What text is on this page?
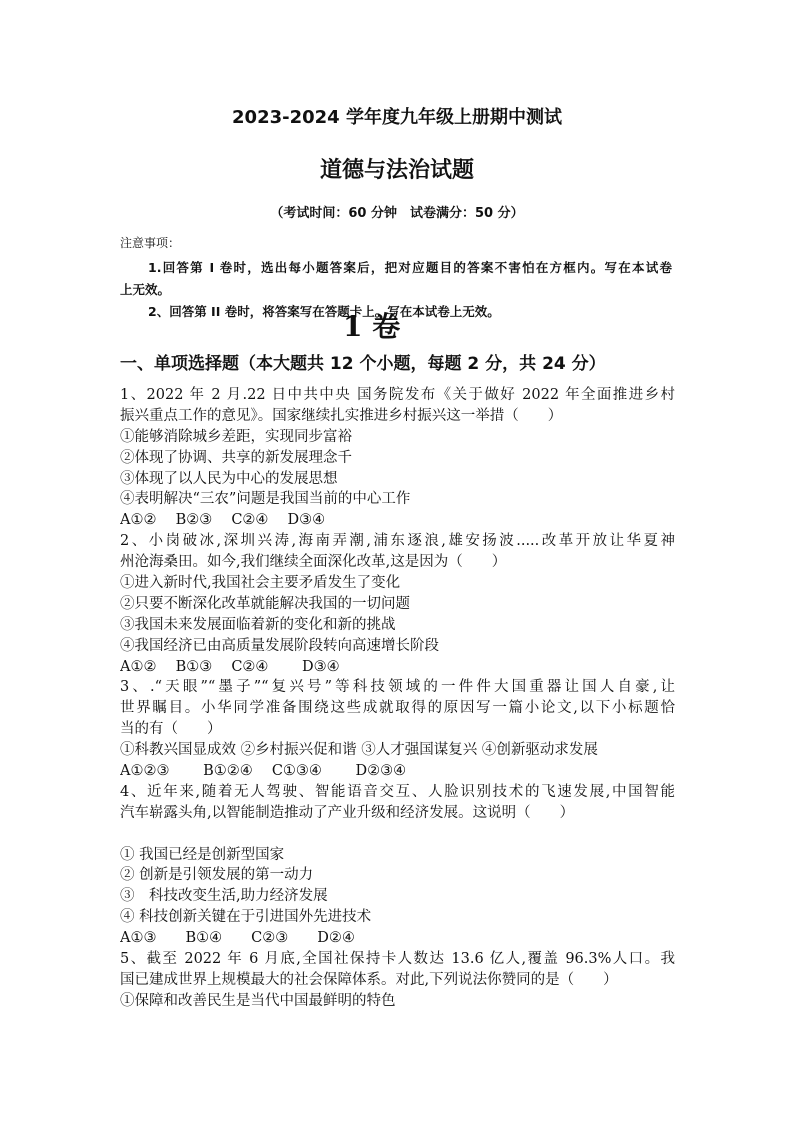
2023-2024 学年度九年级上册期中测试
道德与法治试题
（考试时间：60 分钟　试卷满分：50 分）
注意事项：
1.回答第 I 卷时，选出每小题答案后，把对应题目的答案不害怕在方框内。写在本试卷
上无效。
2、回答第 II 卷时，将答案写在答题卡上。写在本试卷上无效。
1 卷
一、单项选择题（本大题共 12 个小题，每题 2 分，共 24 分）
1、2022 年 2 月.22 日中共中央 国务院发布《关于做好 2022 年全面推进乡村
振兴重点工作的意见》。国家继续扎实推进乡村振兴这一举措（　　）
①能够消除城乡差距，实现同步富裕
②体现了协调、共享的新发展理念千
③体现了以人民为中心的发展思想
④表明解决“三农”问题是我国当前的中心工作
A①②　 B②③　 C②④　 D③④
2、小岗破冰,深圳兴涛,海南弄潮,浦东逐浪,雄安扬波.....改革开放让华夏神
州沧海桑田。如今,我们继续全面深化改革,这是因为（　　）
①进入新时代,我国社会主要矛盾发生了变化
②只要不断深化改革就能解决我国的一切问题
③我国未来发展面临着新的变化和新的挑战
④我国经济已由高质量发展阶段转向高速增长阶段
A①②　 B①③　 C②④　　 D③④
3、.“天眼”“墨子”“复兴号”等科技领域的一件件大国重器让国人自豪,让
世界瞩目。小华同学准备围绕这些成就取得的原因写一篇小论文,以下小标题恰
当的有（　　）
①科教兴国显成效 ②乡村振兴促和谐 ③人才强国谋复兴 ④创新驱动求发展
A①②③　　 B①②④　 C①③④　　 D②③④
4、近年来,随着无人驾驶、智能语音交互、人脸识别技术的飞速发展,中国智能
汽车崭露头角,以智能制造推动了产业升级和经济发展。这说明（　　）
① 我国已经是创新型国家
② 创新是引领发展的第一动力
③　科技改变生活,助力经济发展
④ 科技创新关键在于引进国外先进技术
A①③　　B①④　　C②③　　D②④
5、截至 2022 年 6 月底,全国社保持卡人数达 13.6 亿人,覆盖 96.3%人口。我
国已建成世界上规模最大的社会保障体系。对此,下列说法你赞同的是（　　）
①保障和改善民生是当代中国最鲜明的特色
